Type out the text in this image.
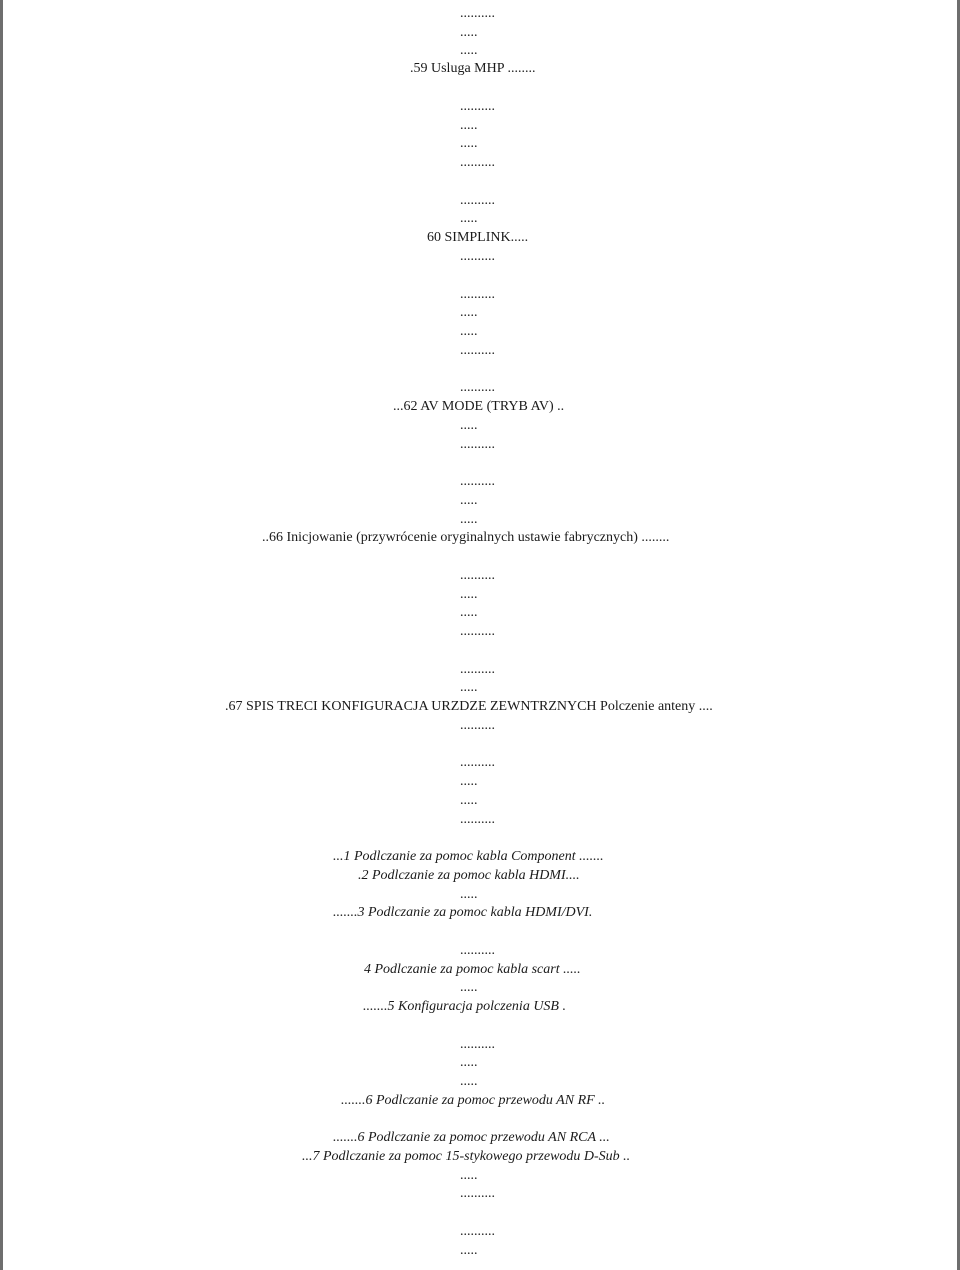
..........
.....
.....
.59 Usluga MHP ........
..........
.....
.....
..........
..........
.....
60 SIMPLINK.....
..........
..........
.....
.....
..........
..........
...62 AV MODE (TRYB AV) ..
.....
..........
..........
.....
.....
..66 Inicjowanie (przywrócenie oryginalnych ustawie fabrycznych) ........
..........
.....
.....
..........
..........
.....
.67 SPIS TRECI KONFIGURACJA URZDZE ZEWNTRZNYCH Polczenie anteny ....
..........
..........
.....
.....
..........
...1 Podlczanie za pomoc kabla Component .......
.2 Podlczanie za pomoc kabla HDMI....
.....
.......3 Podlczanie za pomoc kabla HDMI/DVI.
..........
4 Podlczanie za pomoc kabla scart .....
.....
.......5 Konfiguracja polczenia USB .
..........
.....
.....
.......6 Podlczanie za pomoc przewodu AN RF ..
.......6 Podlczanie za pomoc przewodu AN RCA ...
...7 Podlczanie za pomoc 15-stykowego przewodu D-Sub ..
.....
..........
..........
.....
